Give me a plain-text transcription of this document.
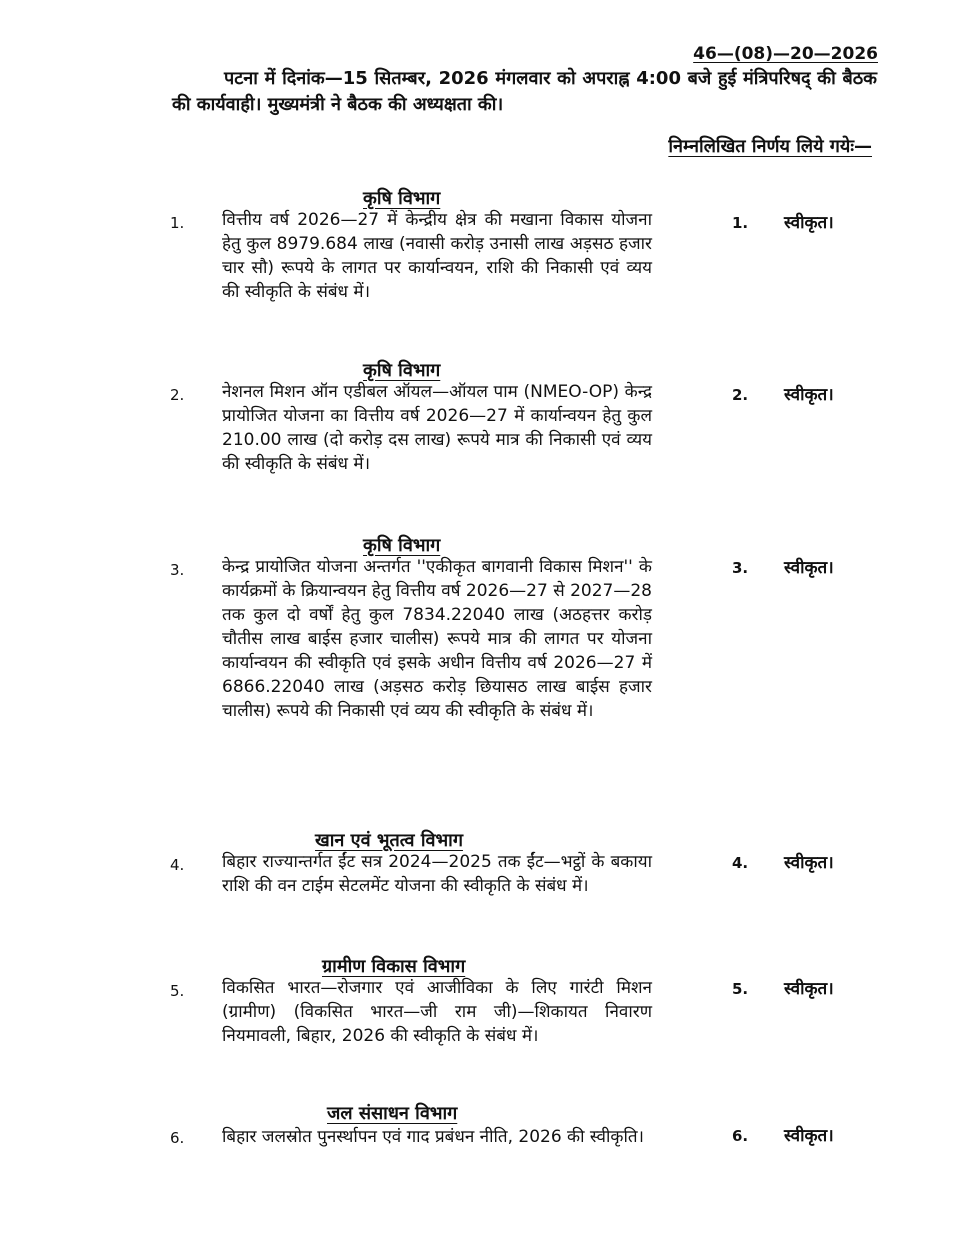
46—(08)—20—2026
पटना में दिनांक—15 सितम्बर, 2026 मंगलवार को अपराह्न 4:00 बजे हुई मंत्रिपरिषद् की बैठक की कार्यवाही। मुख्यमंत्री ने बैठक की अध्यक्षता की।
निम्नलिखित निर्णय लिये गयेः—
कृषि विभाग
1. वित्तीय वर्ष 2026—27 में केन्द्रीय क्षेत्र की मखाना विकास योजना हेतु कुल 8979.684 लाख (नवासी करोड़ उनासी लाख अड़सठ हजार चार सौ) रूपये के लागत पर कार्यान्वयन, राशि की निकासी एवं व्यय की स्वीकृति के संबंध में।
1. स्वीकृत।
कृषि विभाग
2. नेशनल मिशन ऑन एडीबल ऑयल—ऑयल पाम (NMEO-OP) केन्द्र प्रायोजित योजना का वित्तीय वर्ष 2026—27 में कार्यान्वयन हेतु कुल 210.00 लाख (दो करोड़ दस लाख) रूपये मात्र की निकासी एवं व्यय की स्वीकृति के संबंध में।
2. स्वीकृत।
कृषि विभाग
3. केन्द्र प्रायोजित योजना अन्तर्गत ''एकीकृत बागवानी विकास मिशन'' के कार्यक्रमों के क्रियान्वयन हेतु वित्तीय वर्ष 2026—27 से 2027—28 तक कुल दो वर्षों हेतु कुल 7834.22040 लाख (अठहत्तर करोड़ चौतीस लाख बाईस हजार चालीस) रूपये मात्र की लागत पर योजना कार्यान्वयन की स्वीकृति एवं इसके अधीन वित्तीय वर्ष 2026—27 में 6866.22040 लाख (अड़सठ करोड़ छियासठ लाख बाईस हजार चालीस) रूपये की निकासी एवं व्यय की स्वीकृति के संबंध में।
3. स्वीकृत।
खान एवं भूतत्व विभाग
4. बिहार राज्यान्तर्गत ईंट सत्र 2024—2025 तक ईंट—भट्ठों के बकाया राशि की वन टाईम सेटलमेंट योजना की स्वीकृति के संबंध में।
4. स्वीकृत।
ग्रामीण विकास विभाग
5. विकसित भारत—रोजगार एवं आजीविका के लिए गारंटी मिशन (ग्रामीण) (विकसित भारत—जी राम जी)—शिकायत निवारण नियमावली, बिहार, 2026 की स्वीकृति के संबंध में।
5. स्वीकृत।
जल संसाधन विभाग
6. बिहार जलस्रोत पुनर्स्थापन एवं गाद प्रबंधन नीति, 2026 की स्वीकृति।	6. स्वीकृत।
